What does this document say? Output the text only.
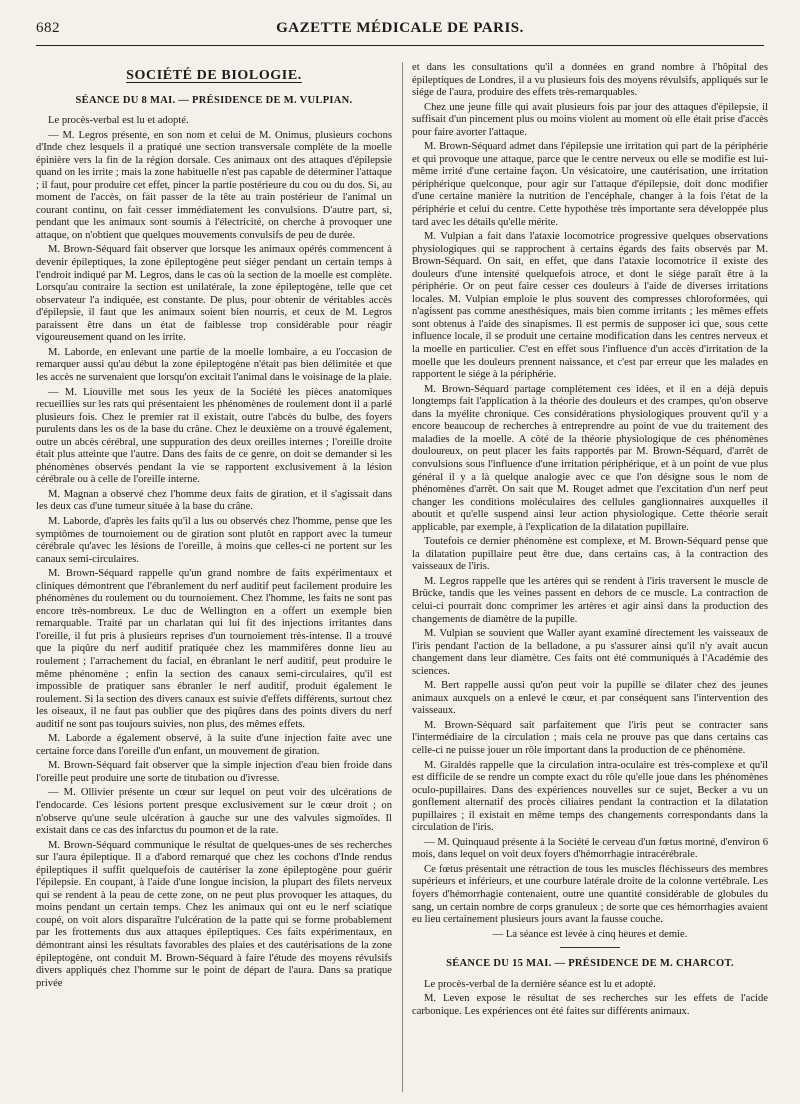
682	GAZETTE MÉDICALE DE PARIS.
SOCIÉTÉ DE BIOLOGIE.
SÉANCE DU 8 MAI. — PRÉSIDENCE DE M. VULPIAN.

Le procès-verbal est lu et adopté.

— M. Legros présente, en son nom et celui de M. Onimus, plusieurs cochons d'Inde chez lesquels il a pratiqué une section transversale complète de la moelle épinière vers la fin de la région dorsale. Ces animaux ont des attaques d'épilepsie quand on les irrite ; mais la zone habituelle n'est pas capable de déterminer l'attaque ; il faut, pour produire cet effet, pincer la partie postérieure du cou ou du dos. Si, au moment de l'accès, on fait passer de la tête au train postérieur de l'animal un courant continu, on fait cesser immédiatement les convulsions. D'autre part, si, pendant que les animaux sont soumis à l'électricité, on cherche à provoquer une attaque, on n'obtient que quelques mouvements convulsifs de peu de durée.

M. Brown-Séquard fait observer que lorsque les animaux opérés commencent à devenir épileptiques, la zone épileptogène peut siéger pendant un certain temps à l'endroit indiqué par M. Legros, dans le cas où la section de la moelle est complète. Lorsqu'au contraire la section est unilatérale, la zone épileptogène, telle que cet observateur l'a indiquée, est constante. De plus, pour obtenir de véritables accès d'épilepsie, il faut que les animaux soient bien nourris, et ceux de M. Legros paraissent être dans un état de faiblesse trop considérable pour réagir vigoureusement quand on les irrite.

M. Laborde, en enlevant une partie de la moelle lombaire, a eu l'occasion de remarquer aussi qu'au début la zone épileptogène n'était pas bien délimitée et que les accès ne survenaient que lorsqu'on excitait l'animal dans le voisinage de la plaie.

— M. Liouville met sous les yeux de la Société les pièces anatomiques recueillies sur les rats qui présentaient les phénomènes de roulement dont il a parlé plusieurs fois. Chez le premier rat il existait, outre l'abcès du bulbe, des foyers purulents dans les os de la base du crâne. Chez le deuxième on a trouvé également, outre un abcès cérébral, une suppuration des deux oreilles internes ; l'oreille droite était plus atteinte que l'autre. Dans des faits de ce genre, on doit se demander si les phénomènes observés pendant la vie se rapportent exclusivement à la lésion cérébrale ou à celle de l'oreille interne.

M. Magnan a observé chez l'homme deux faits de giration, et il s'agissait dans les deux cas d'une tumeur située à la base du crâne.

M. Laborde, d'après les faits qu'il a lus ou observés chez l'homme, pense que les symptômes de tournoiement ou de giration sont plutôt en rapport avec la tumeur cérébrale qu'avec les lésions de l'oreille, à moins que celles-ci ne portent sur les canaux semi-circulaires.

M. Brown-Séquard rappelle qu'un grand nombre de faits expérimentaux et cliniques démontrent que l'ébranlement du nerf auditif peut facilement produire les phénomènes du roulement ou du tournoiement. Chez l'homme, les faits ne sont pas encore très-nombreux. Le duc de Wellington en a offert un exemple bien remarquable. Traité par un charlatan qui lui fit des injections irritantes dans l'oreille, il fut pris à plusieurs reprises d'un tournoiement très-intense. Il a trouvé que la piqûre du nerf auditif pratiquée chez les mammifères donne lieu au roulement ; l'arrachement du facial, en ébranlant le nerf auditif, peut produire le même phénomène ; enfin la section des canaux semi-circulaires, qu'il est impossible de pratiquer sans ébranler le nerf auditif, produit également le roulement. Si la section des divers canaux est suivie d'effets différents, surtout chez les oiseaux, il ne faut pas oublier que des piqûres dans des points divers du nerf auditif ne sont pas toujours suivies, non plus, des mêmes effets.

M. Laborde a également observé, à la suite d'une injection faite avec une certaine force dans l'oreille d'un enfant, un mouvement de giration.

M. Brown-Séquard fait observer que la simple injection d'eau bien froide dans l'oreille peut produire une sorte de titubation ou d'ivresse.

— M. Ollivier présente un cœur sur lequel on peut voir des ulcérations de l'endocarde. Ces lésions portent presque exclusivement sur le cœur droit ; on n'observe qu'une seule ulcération à gauche sur une des valvules sigmoïdes. Il existait dans ce cas des infarctus du poumon et de la rate.

M. Brown-Séquard communique le résultat de quelques-unes de ses recherches sur l'aura épileptique. Il a d'abord remarqué que chez les cochons d'Inde rendus épileptiques il suffit quelquefois de cautériser la zone épileptogène pour guérir l'épilepsie. En coupant, à l'aide d'une longue incision, la plupart des filets nerveux qui se rendent à la peau de cette zone, on ne peut plus provoquer les attaques, du moins pendant un certain temps. Chez les animaux qui ont eu le nerf sciatique coupé, on voit alors disparaître l'ulcération de la patte qui se forme probablement par les frottements dus aux attaques épileptiques. Ces faits expérimentaux, en démontrant ainsi les résultats favorables des plaies et des cautérisations de la zone épileptogène, ont conduit M. Brown-Séquard à faire l'étude des moyens révulsifs divers appliqués chez l'homme sur le point de départ de l'aura. Dans sa pratique privée

et dans les consultations qu'il a données en grand nombre à l'hôpital des épileptiques de Londres, il a vu plusieurs fois des moyens révulsifs, appliqués sur le siége de l'aura, produire des effets très-remarquables.

Chez une jeune fille qui avait plusieurs fois par jour des attaques d'épilepsie, il suffisait d'un pincement plus ou moins violent au moment où elle était prise d'accès pour faire avorter l'attaque.

M. Brown-Séquard admet dans l'épilepsie une irritation qui part de la périphérie et qui provoque une attaque, parce que le centre nerveux ou elle se modifie est lui-même irrité d'une certaine façon. Un vésicatoire, une cautérisation, une irritation périphérique quelconque, pour agir sur l'attaque d'épilepsie, doit donc modifier d'une certaine manière la nutrition de l'encéphale, changer à la fois l'état de la périphérie et celui du centre. Cette hypothèse très importante sera développée plus tard avec les détails qu'elle mérite.

M. Vulpian a fait dans l'ataxie locomotrice progressive quelques observations physiologiques qui se rapprochent à certains égards des faits observés par M. Brown-Séquard. On sait, en effet, que dans l'ataxie locomotrice il existe des douleurs d'une intensité quelquefois atroce, et dont le siége paraît être à la périphérie. Or on peut faire cesser ces douleurs à l'aide de diverses irritations locales. M. Vulpian emploie le plus souvent des compresses chloroformées, qui n'agissent pas comme anesthésiques, mais bien comme irritants ; les mêmes effets sont obtenus à l'aide des sinapismes. Il est permis de supposer ici que, sous cette influence locale, il se produit une certaine modification dans les centres nerveux et la moelle en particulier. C'est en effet sous l'influence d'un accès d'irritation de la moelle que les douleurs prennent naissance, et c'est par erreur que les malades en rapportent le siége à la périphérie.

M. Brown-Séquard partage complétement ces idées, et il en a déjà depuis longtemps fait l'application à la théorie des douleurs et des crampes, qu'on observe dans la myélite chronique. Ces considérations physiologiques prouvent qu'il y a encore beaucoup de recherches à entreprendre au point de vue du traitement des maladies de la moelle. A côté de la théorie physiologique de ces phénomènes douloureux, on peut placer les faits rapportés par M. Brown-Séquard, d'arrêt de convulsions sous l'influence d'une irritation périphérique, et à un point de vue plus général il y a là quelque analogie avec ce que l'on désigne sous le nom de phénomènes d'arrêt. On sait que M. Rouget admet que l'excitation d'un nerf peut changer les conditions moléculaires des cellules ganglionnaires auxquelles il aboutit et qu'elle suspend ainsi leur action physiologique. Cette théorie serait applicable, par exemple, à l'explication de la dilatation pupillaire.

Toutefois ce dernier phénomène est complexe, et M. Brown-Séquard pense que la dilatation pupillaire peut être due, dans certains cas, à la contraction des vaisseaux de l'iris.

M. Legros rappelle que les artères qui se rendent à l'iris traversent le muscle de Brücke, tandis que les veines passent en dehors de ce muscle. La contraction de celui-ci pourrait donc comprimer les artères et agir ainsi dans la production des changements de diamètre de la pupille.

M. Vulpian se souvient que Waller ayant examiné directement les vaisseaux de l'iris pendant l'action de la belladone, a pu s'assurer ainsi qu'il n'y avait aucun changement dans leur diamètre. Ces faits ont été communiqués à l'Académie des sciences.

M. Bert rappelle aussi qu'on peut voir la pupille se dilater chez des jeunes animaux auxquels on a enlevé le cœur, et par conséquent sans l'intervention des vaisseaux.

M. Brown-Séquard sait parfaitement que l'iris peut se contracter sans l'intermédiaire de la circulation ; mais cela ne prouve pas que dans certains cas celle-ci ne puisse jouer un rôle important dans la production de ce phénomène.

M. Giraldès rappelle que la circulation intra-oculaire est très-complexe et qu'il est difficile de se rendre un compte exact du rôle qu'elle joue dans les phénomènes oculo-pupillaires. Dans des expériences nouvelles sur ce sujet, Becker a vu un gonflement alternatif des procès ciliaires pendant la contraction et la dilatation pupillaires ; il existait en même temps des changements correspondants dans la circulation de l'iris.

— M. Quinquaud présente à la Société le cerveau d'un fœtus mortné, d'environ 6 mois, dans lequel on voit deux foyers d'hémorrhagie intracérébrale.

Ce fœtus présentait une rétraction de tous les muscles fléchisseurs des membres supérieurs et inférieurs, et une courbure latérale droite de la colonne vertébrale. Les foyers d'hémorrhagie contenaient, outre une quantité considérable de globules du sang, un certain nombre de corps granuleux ; de sorte que ces hémorrhagies avaient eu lieu certainement plusieurs jours avant la fausse couche.

— La séance est levée à cinq heures et demie.

SÉANCE DU 15 MAI. — PRÉSIDENCE DE M. CHARCOT.

Le procès-verbal de la dernière séance est lu et adopté.

M. Leven expose le résultat de ses recherches sur les effets de l'acide carbonique. Les expériences ont été faites sur différents animaux.
